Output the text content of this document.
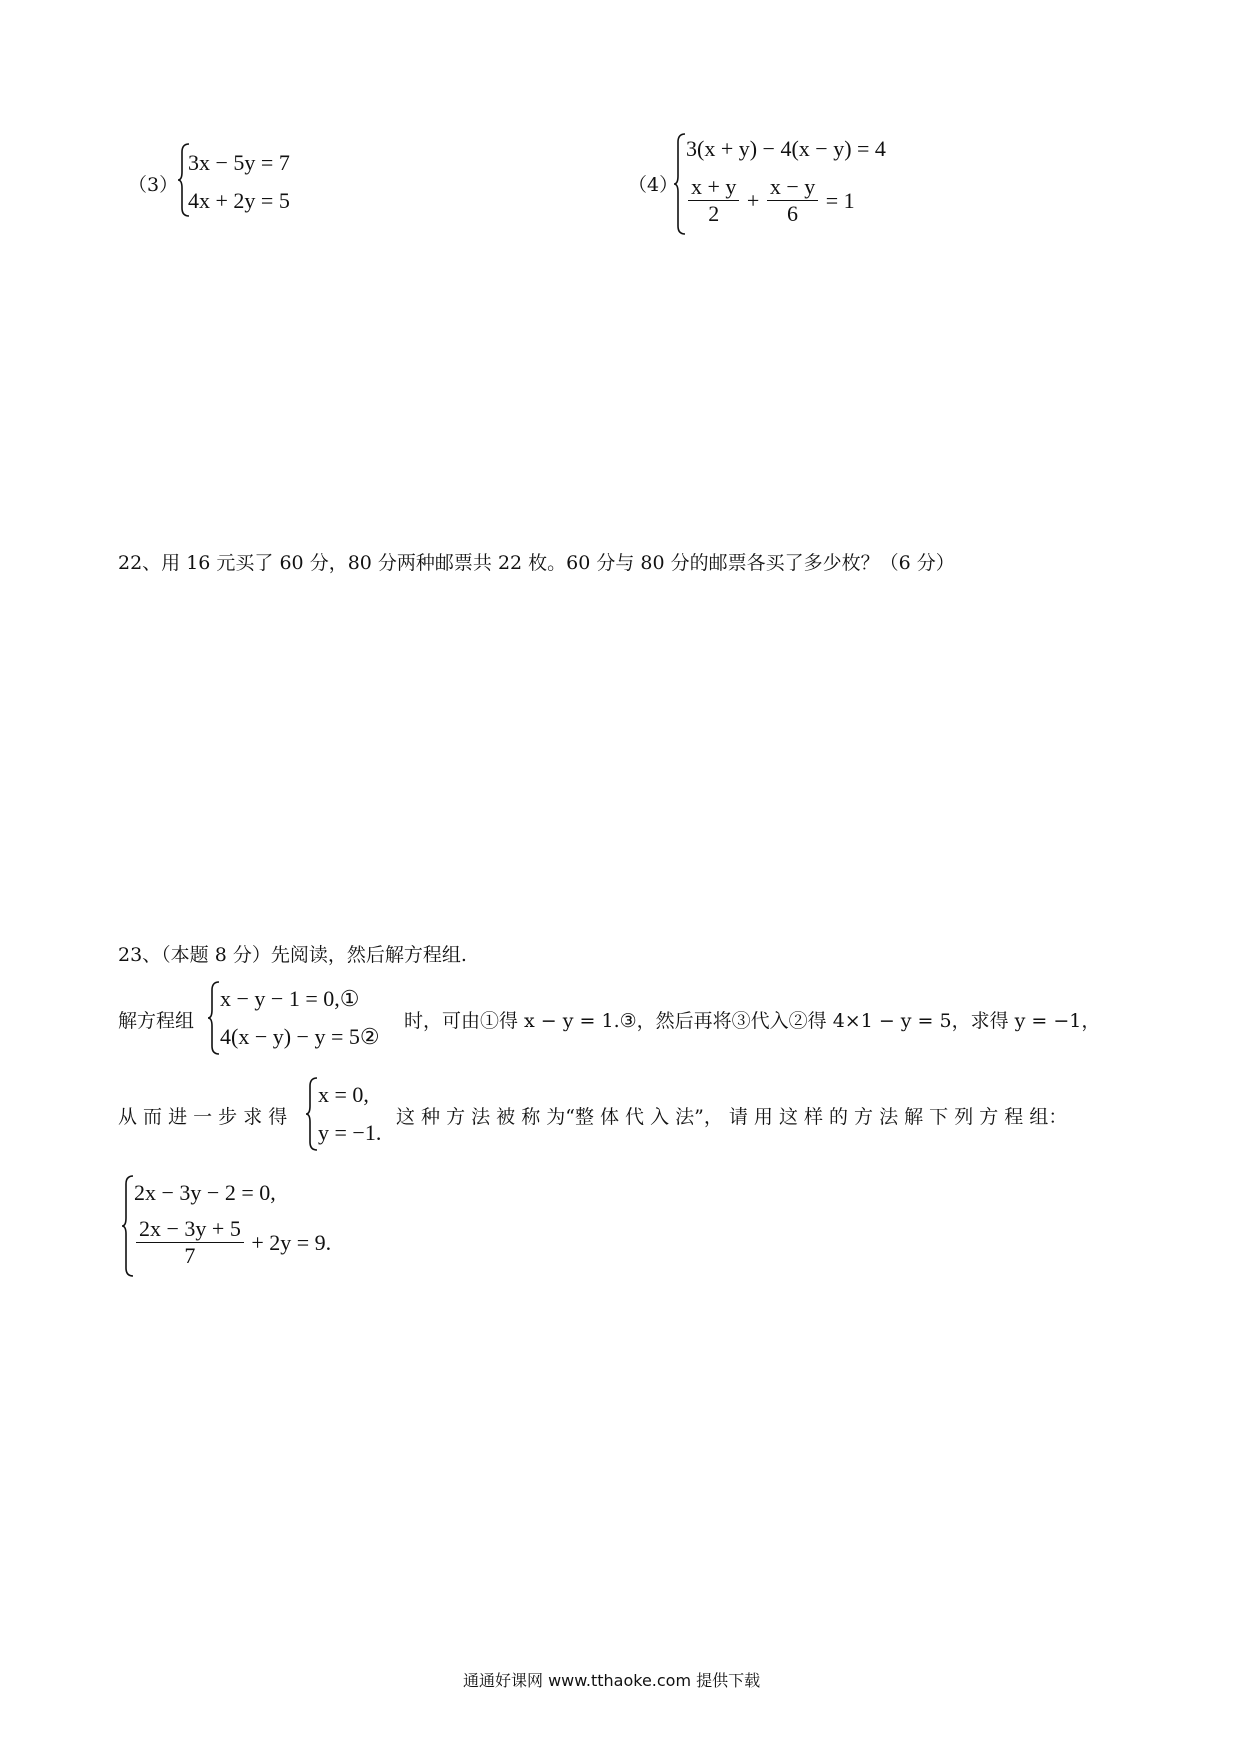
（3）
3x − 5y = 7
4x + 2y = 5
（4）
3(x + y) − 4(x − y) = 4
$\frac{x + y}{2} + \frac{x - y}{6} = 1$
22、用 16 元买了 60 分，80 分两种邮票共 22 枚。60 分与 80 分的邮票各买了多少枚？（6 分）
23、（本题 8 分）先阅读，然后解方程组.
解方程组
x − y − 1 = 0,①
4(x − y) − y = 5②
时，可由①得 x − y = 1.③，然后再将③代入②得 4×1 − y = 5，求得 y = −1，
从 而 进 一 步 求 得
x = 0,
y = −1.
这 种 方 法 被 称 为“整 体 代 入 法”， 请 用 这 样 的 方 法 解 下 列 方 程 组：
2x − 3y − 2 = 0,
$\frac{2x - 3y + 5}{7} + 2y = 9$.
通通好课网 www.tthaoke.com 提供下载
